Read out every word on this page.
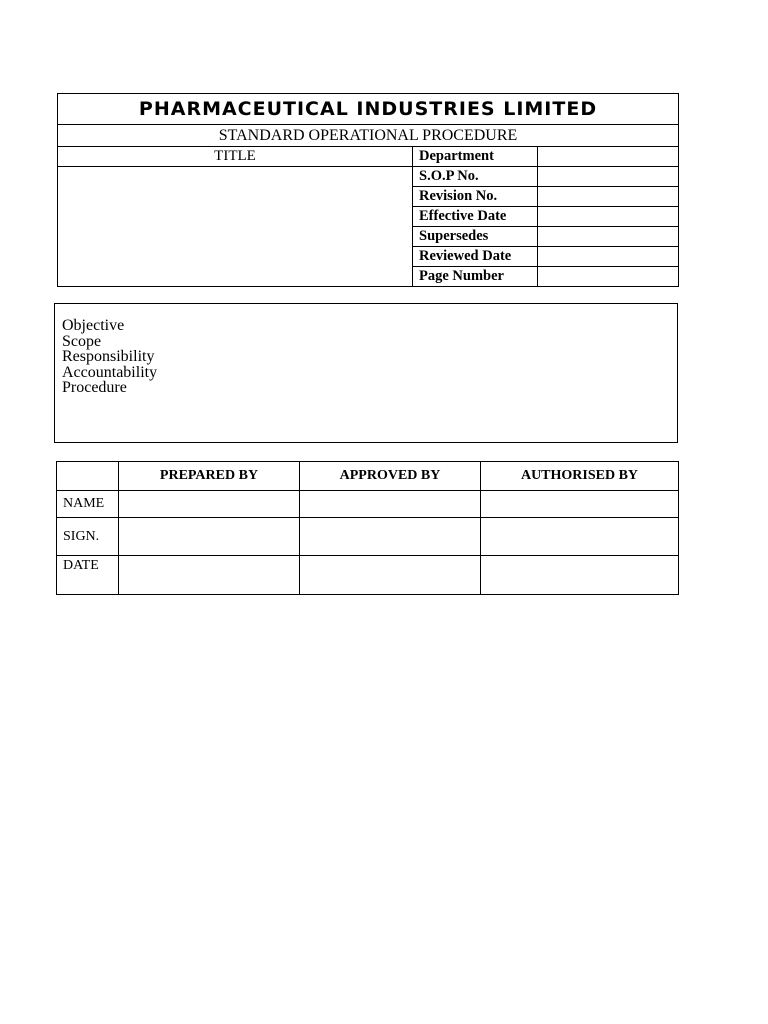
PHARMACEUTICAL INDUSTRIES LIMITED
STANDARD OPERATIONAL PROCEDURE
TITLE	Department
S.O.P No.
Revision No.
Effective Date
Supersedes
Reviewed Date
Page Number
Objective
Scope
Responsibility
Accountability
Procedure
	PREPARED BY	APPROVED BY	AUTHORISED BY
NAME			
SIGN.			
DATE			
